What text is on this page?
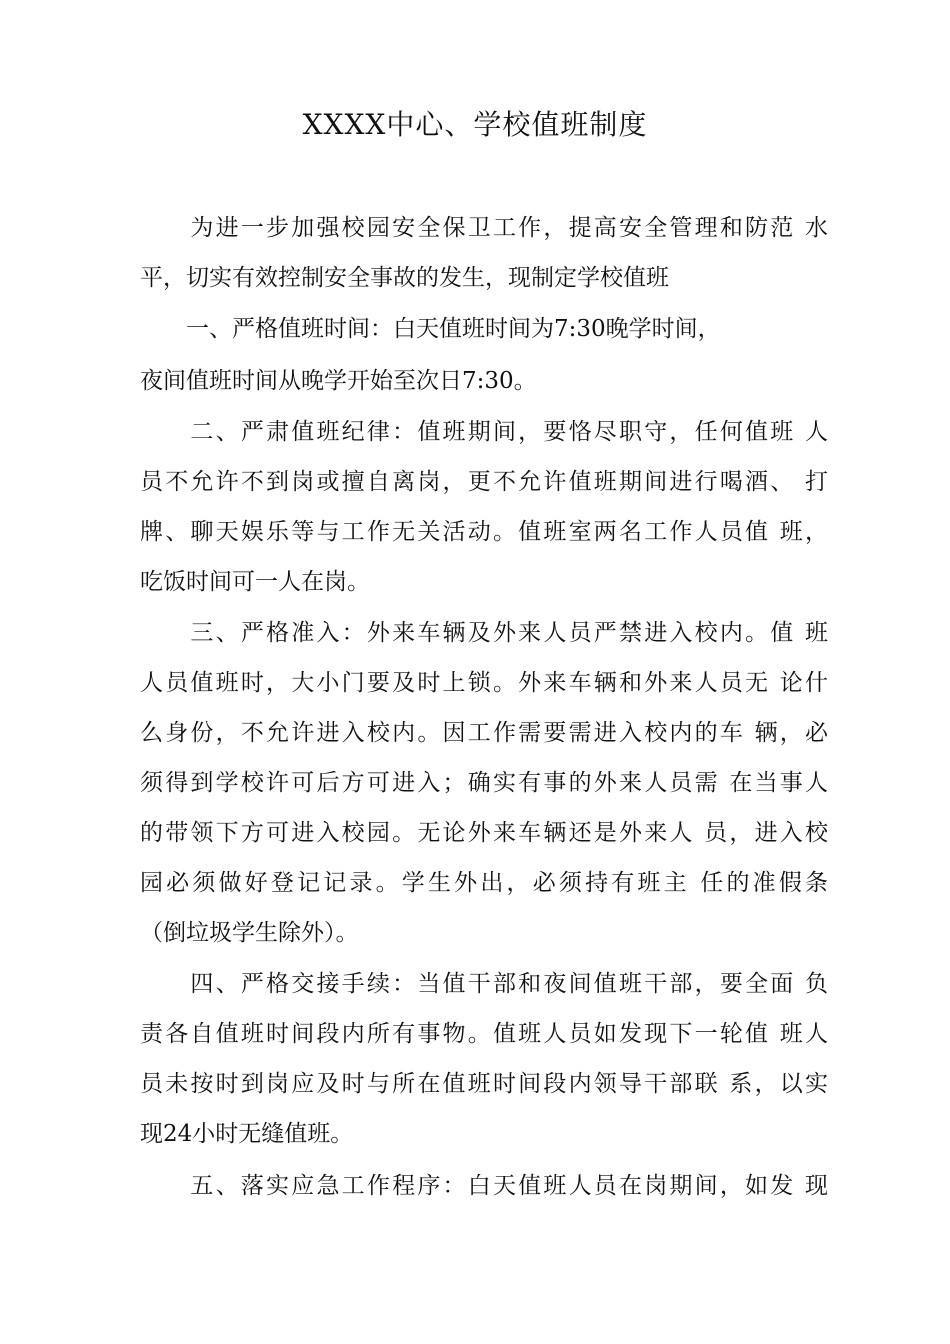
XXXX中心、学校值班制度
　　为进一步加强校园安全保卫工作，提高安全管理和防范 水
平，切实有效控制安全事故的发生，现制定学校值班
　　一、严格值班时间：白天值班时间为7:30晚学时间，
夜间值班时间从晚学开始至次日7:30。
　　二、严肃值班纪律：值班期间，要恪尽职守，任何值班 人
员不允许不到岗或擅自离岗，更不允许值班期间进行喝酒、 打
牌、聊天娱乐等与工作无关活动。值班室两名工作人员值 班，
吃饭时间可一人在岗。
　　三、严格准入：外来车辆及外来人员严禁进入校内。值 班
人员值班时，大小门要及时上锁。外来车辆和外来人员无 论什
么身份，不允许进入校内。因工作需要需进入校内的车 辆，必
须得到学校许可后方可进入；确实有事的外来人员需 在当事人
的带领下方可进入校园。无论外来车辆还是外来人 员，进入校
园必须做好登记记录。学生外出，必须持有班主 任的准假条
（倒垃圾学生除外）。
　　四、严格交接手续：当值干部和夜间值班干部，要全面 负
责各自值班时间段内所有事物。值班人员如发现下一轮值 班人
员未按时到岗应及时与所在值班时间段内领导干部联 系，以实
现24小时无缝值班。
　　五、落实应急工作程序：白天值班人员在岗期间，如发 现
